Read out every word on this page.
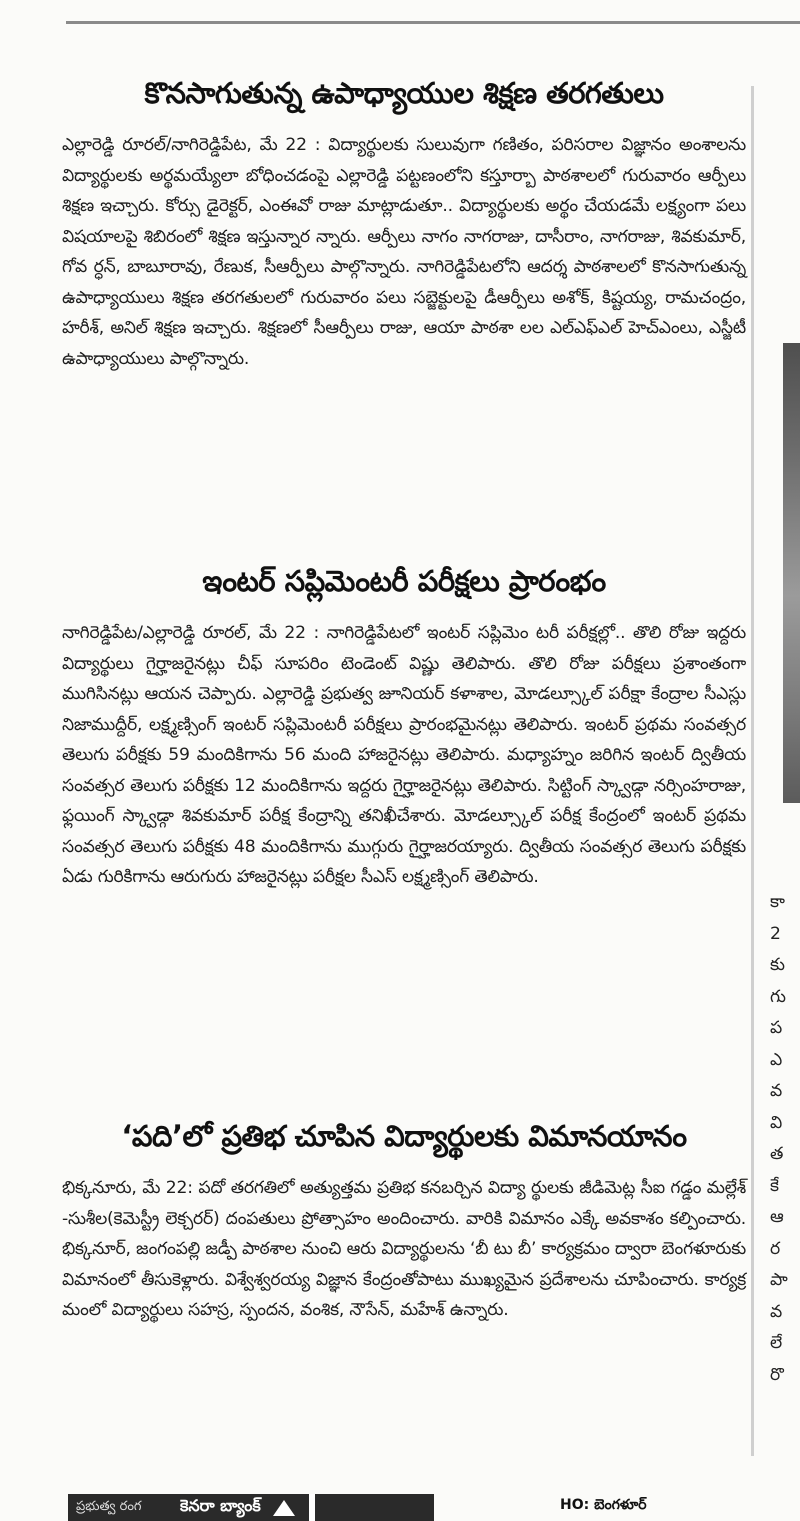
కొనసాగుతున్న ఉపాధ్యాయుల శిక్షణ తరగతులు

ఎల్లారెడ్డి రూరల్/నాగిరెడ్డిపేట, మే 22 : విద్యార్థులకు సులువుగా గణితం, పరిసరాల విజ్ఞానం అంశాలను విద్యార్థులకు అర్థమయ్యేలా బోధించడంపై ఎల్లారెడ్డి పట్టణంలోని కస్తూర్బా పాఠశాలలో గురువారం ఆర్పీలు శిక్షణ ఇచ్చారు. కోర్సు డైరెక్టర్, ఎంఈవో రాజు మాట్లాడుతూ.. విద్యార్థులకు అర్థం చేయడమే లక్ష్యంగా పలు విషయాలపై శిబిరంలో శిక్షణ ఇస్తున్నార న్నారు. ఆర్పీలు నాగం నాగరాజు, దాసీరాం, నాగరాజు, శివకుమార్, గోవ ర్ధన్, బాబూరావు, రేణుక, సీఆర్పీలు పాల్గొన్నారు. నాగిరెడ్డిపేటలోని ఆదర్శ పాఠశాలలో కొనసాగుతున్న ఉపాధ్యాయులు శిక్షణ తరగతులలో గురువారం పలు సబ్జెక్టులపై డీఆర్పీలు అశోక్, కిష్టయ్య, రామచంద్రం, హరీశ్, అనిల్ శిక్షణ ఇచ్చారు. శిక్షణలో సీఆర్పీలు రాజు, ఆయా పాఠశా లల ఎల్ఎఫ్ఎల్ హెచ్ఎంలు, ఎస్జీటీ ఉపాధ్యాయులు పాల్గొన్నారు.

ఇంటర్ సప్లిమెంటరీ పరీక్షలు ప్రారంభం

నాగిరెడ్డిపేట/ఎల్లారెడ్డి రూరల్, మే 22 : నాగిరెడ్డిపేటలో ఇంటర్ సప్లిమెం టరీ పరీక్షల్లో.. తొలి రోజు ఇద్దరు విద్యార్థులు గైర్హాజరైనట్లు చీఫ్ సూపరిం టెండెంట్ విష్ణు తెలిపారు. తొలి రోజు పరీక్షలు ప్రశాంతంగా ముగిసినట్లు ఆయన చెప్పారు. ఎల్లారెడ్డి ప్రభుత్వ జూనియర్ కళాశాల, మోడల్స్కూల్ పరీక్షా కేంద్రాల సీఎస్లు నిజాముద్దీర్, లక్ష్మణ్సింగ్ ఇంటర్ సప్లిమెంటరీ పరీక్షలు ప్రారంభమైనట్లు తెలిపారు. ఇంటర్ ప్రథమ సంవత్సర తెలుగు పరీక్షకు 59 మందికిగాను 56 మంది హాజరైనట్లు తెలిపారు. మధ్యాహ్నం జరిగిన ఇంటర్ ద్వితీయ సంవత్సర తెలుగు పరీక్షకు 12 మందికిగాను ఇద్దరు గైర్హాజరైనట్లు తెలిపారు. సిట్టింగ్ స్క్వాడ్గా నర్సింహరాజు, ఫ్లయింగ్ స్క్వాడ్గా శివకుమార్ పరీక్ష కేంద్రాన్ని తనిఖీచేశారు. మోడల్స్కూల్ పరీక్ష కేంద్రంలో ఇంటర్ ప్రథమ సంవత్సర తెలుగు పరీక్షకు 48 మందికిగాను ముగ్గురు గైర్హాజరయ్యారు. ద్వితీయ సంవత్సర తెలుగు పరీక్షకు ఏడు గురికిగాను ఆరుగురు హాజరైనట్లు పరీక్షల సీఎస్ లక్ష్మణ్సింగ్ తెలిపారు.

‘పది’లో ప్రతిభ చూపిన విద్యార్థులకు విమానయానం

భిక్కనూరు, మే 22: పదో తరగతిలో అత్యుత్తమ ప్రతిభ కనబర్చిన విద్యా ర్థులకు జీడిమెట్ల సీఐ గడ్డం మల్లేశ్ -సుశీల(కెమెస్ట్రీ లెక్చరర్) దంపతులు ప్రోత్సాహం అందించారు. వారికి విమానం ఎక్కే అవకాశం కల్పించారు. భిక్కనూర్, జంగంపల్లి జడ్పీ పాఠశాల నుంచి ఆరు విద్యార్థులను ‘బీ టు బీ’ కార్యక్రమం ద్వారా బెంగళూరుకు విమానంలో తీసుకెళ్లారు. విశ్వేశ్వరయ్య విజ్ఞాన కేంద్రంతోపాటు ముఖ్యమైన ప్రదేశాలను చూపించారు. కార్యక్ర మంలో విద్యార్థులు సహస్ర, స్పందన, వంశిక, నౌసేన్, మహేశ్ ఉన్నారు.

కా
2
కు
గు
ప
ఎ
వ
వి
త
కే
ఆ
ర
పా
వ
లే
రొ
ప్రభుత్వ రంగ	కెనరా బ్యాంక్	HO: బెంగళూర్
